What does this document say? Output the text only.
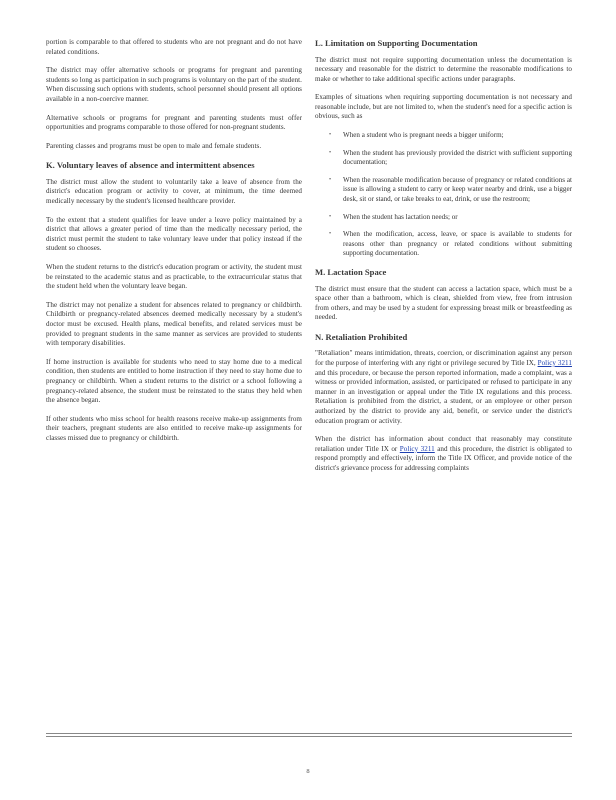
portion is comparable to that offered to students who are not pregnant and do not have related conditions.

The district may offer alternative schools or programs for pregnant and parenting students so long as participation in such programs is voluntary on the part of the student. When discussing such options with students, school personnel should present all options available in a non-coercive manner.

Alternative schools or programs for pregnant and parenting students must offer opportunities and programs comparable to those offered for non-pregnant students.

Parenting classes and programs must be open to male and female students.

K. Voluntary leaves of absence and intermittent absences

The district must allow the student to voluntarily take a leave of absence from the district's education program or activity to cover, at minimum, the time deemed medically necessary by the student's licensed healthcare provider.

To the extent that a student qualifies for leave under a leave policy maintained by a district that allows a greater period of time than the medically necessary period, the district must permit the student to take voluntary leave under that policy instead if the student so chooses.

When the student returns to the district's education program or activity, the student must be reinstated to the academic status and as practicable, to the extracurricular status that the student held when the voluntary leave began.

The district may not penalize a student for absences related to pregnancy or childbirth. Childbirth or pregnancy-related absences deemed medically necessary by a student's doctor must be excused. Health plans, medical benefits, and related services must be provided to pregnant students in the same manner as services are provided to students with temporary disabilities.

If home instruction is available for students who need to stay home due to a medical condition, then students are entitled to home instruction if they need to stay home due to pregnancy or childbirth. When a student returns to the district or a school following a pregnancy-related absence, the student must be reinstated to the status they held when the absence began.

If other students who miss school for health reasons receive make-up assignments from their teachers, pregnant students are also entitled to receive make-up assignments for classes missed due to pregnancy or childbirth.

L. Limitation on Supporting Documentation

The district must not require supporting documentation unless the documentation is necessary and reasonable for the district to determine the reasonable modifications to make or whether to take additional specific actions under paragraphs.

Examples of situations when requiring supporting documentation is not necessary and reasonable include, but are not limited to, when the student's need for a specific action is obvious, such as

• When a student who is pregnant needs a bigger uniform;
• When the student has previously provided the district with sufficient supporting documentation;
• When the reasonable modification because of pregnancy or related conditions at issue is allowing a student to carry or keep water nearby and drink, use a bigger desk, sit or stand, or take breaks to eat, drink, or use the restroom;
• When the student has lactation needs; or
• When the modification, access, leave, or space is available to students for reasons other than pregnancy or related conditions without submitting supporting documentation.
M. Lactation Space

The district must ensure that the student can access a lactation space, which must be a space other than a bathroom, which is clean, shielded from view, free from intrusion from others, and may be used by a student for expressing breast milk or breastfeeding as needed.

N. Retaliation Prohibited

"Retaliation" means intimidation, threats, coercion, or discrimination against any person for the purpose of interfering with any right or privilege secured by Title IX, Policy 3211 and this procedure, or because the person reported information, made a complaint, was a witness or provided information, assisted, or participated or refused to participate in any manner in an investigation or appeal under the Title IX regulations and this process. Retaliation is prohibited from the district, a student, or an employee or other person authorized by the district to provide any aid, benefit, or service under the district's education program or activity.

When the district has information about conduct that reasonably may constitute retaliation under Title IX or Policy 3211 and this procedure, the district is obligated to respond promptly and effectively, inform the Title IX Officer, and provide notice of the district's grievance process for addressing complaints

8
